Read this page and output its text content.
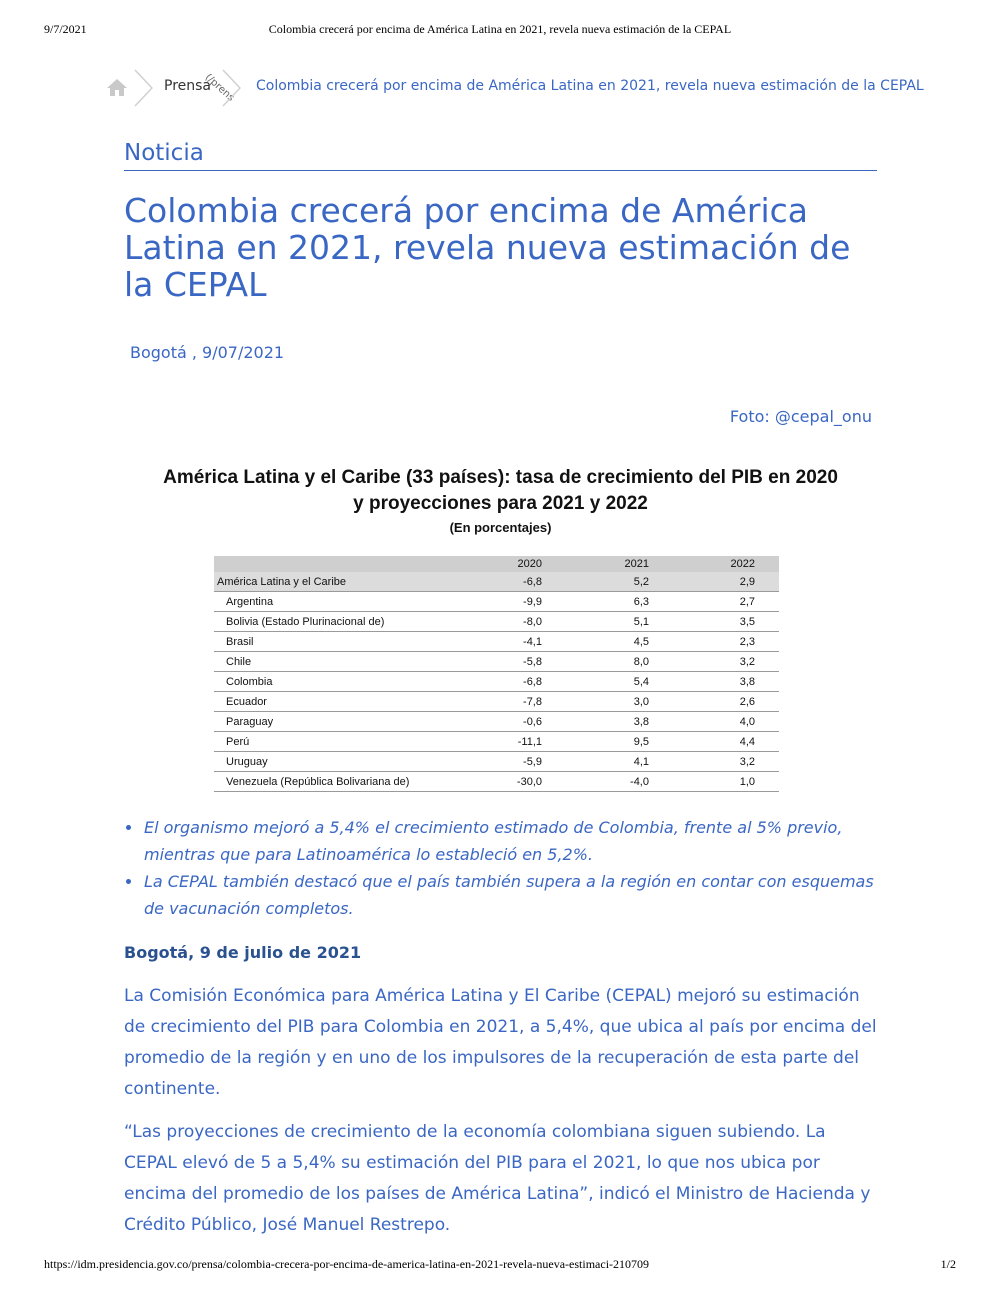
9/7/2021	Colombia crecerá por encima de América Latina en 2021, revela nueva estimación de la CEPAL
Prensa
(/prens Colombia crecerá por encima de América Latina en 2021, revela nueva estimación de la CEPAL
Noticia
Colombia crecerá por encima de América Latina en 2021, revela nueva estimación de la CEPAL
Bogotá , 9/07/2021
Foto: @cepal_onu
América Latina y el Caribe (33 países): tasa de crecimiento del PIB en 2020
y proyecciones para 2021 y 2022
(En porcentajes)
	2020	2021	2022
América Latina y el Caribe	-6,8	5,2	2,9
Argentina	-9,9	6,3	2,7
Bolivia (Estado Plurinacional de)	-8,0	5,1	3,5
Brasil	-4,1	4,5	2,3
Chile	-5,8	8,0	3,2
Colombia	-6,8	5,4	3,8
Ecuador	-7,8	3,0	2,6
Paraguay	-0,6	3,8	4,0
Perú	-11,1	9,5	4,4
Uruguay	-5,9	4,1	3,2
Venezuela (República Bolivariana de)	-30,0	-4,0	1,0
El organismo mejoró a 5,4% el crecimiento estimado de Colombia, frente al 5% previo, mientras que para Latinoamérica lo estableció en 5,2%.
La CEPAL también destacó que el país también supera a la región en contar con esquemas de vacunación completos.
Bogotá, 9 de julio de 2021

La Comisión Económica para América Latina y El Caribe (CEPAL) mejoró su estimación de crecimiento del PIB para Colombia en 2021, a 5,4%, que ubica al país por encima del promedio de la región y en uno de los impulsores de la recuperación de esta parte del continente.

“Las proyecciones de crecimiento de la economía colombiana siguen subiendo. La CEPAL elevó de 5 a 5,4% su estimación del PIB para el 2021, lo que nos ubica por encima del promedio de los países de América Latina”, indicó el Ministro de Hacienda y Crédito Público, José Manuel Restrepo.

https://idm.presidencia.gov.co/prensa/colombia-crecera-por-encima-de-america-latina-en-2021-revela-nueva-estimaci-210709	1/2
